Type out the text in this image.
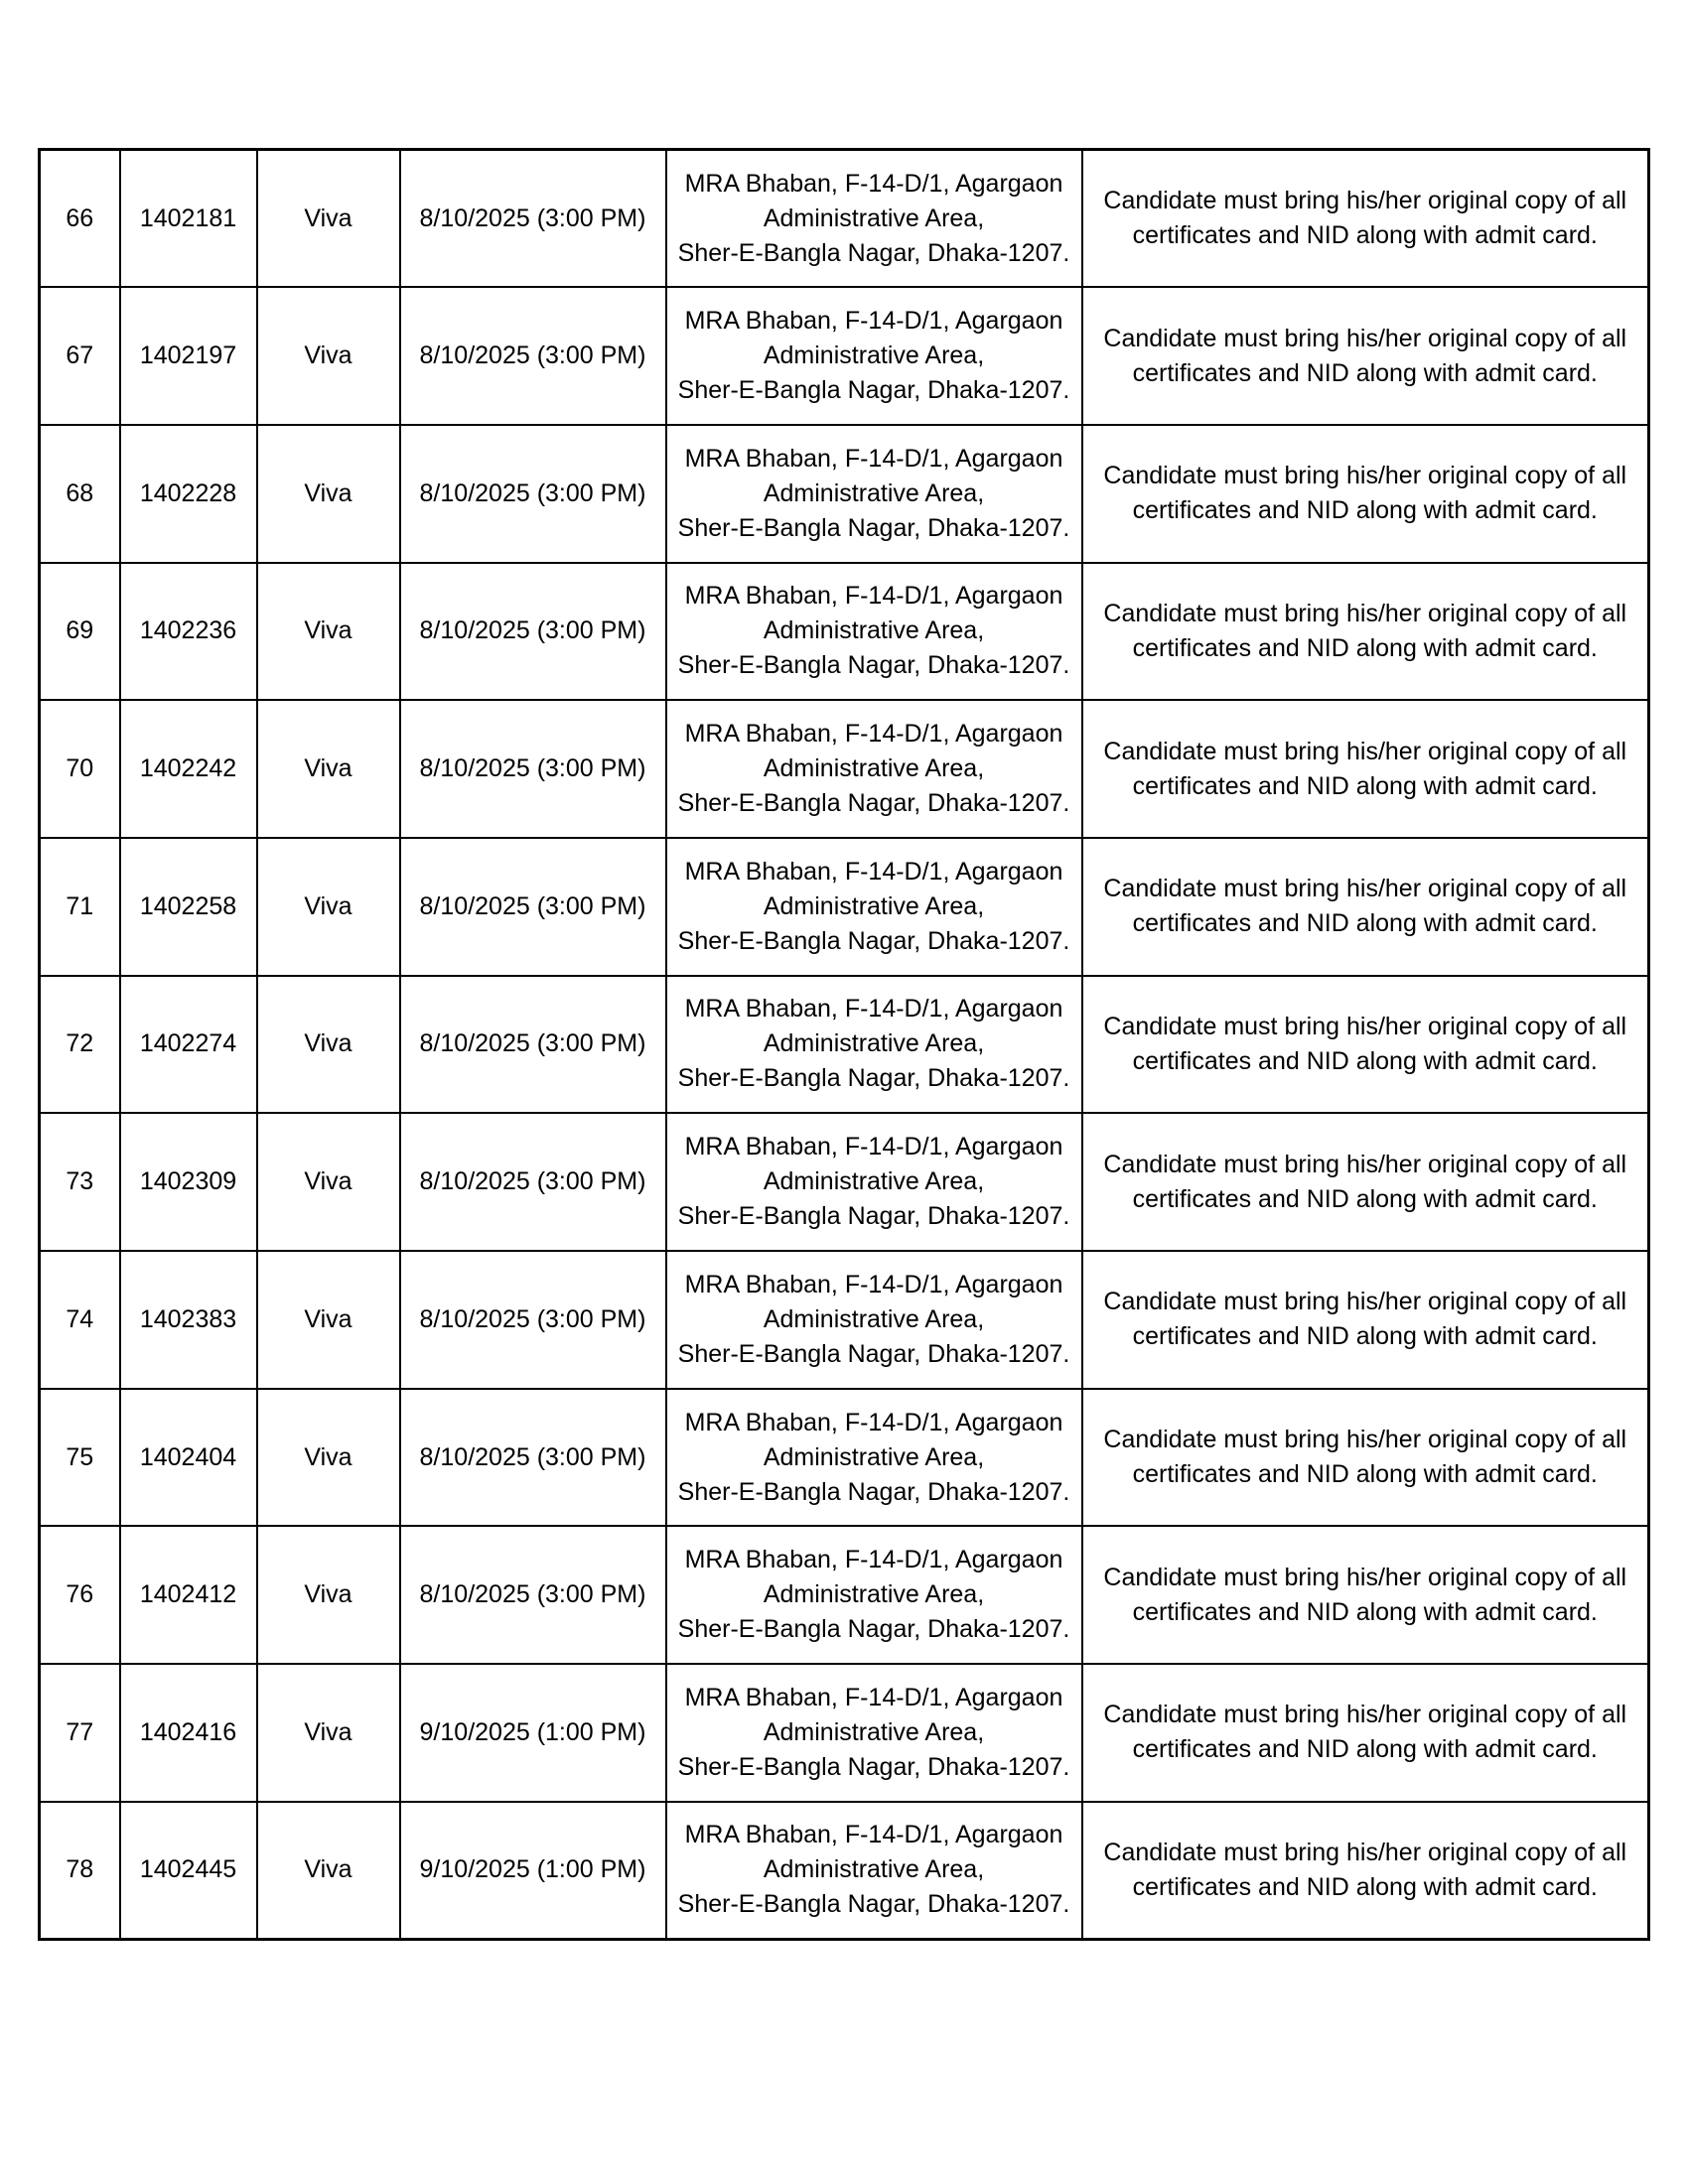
66	1402181	Viva	8/10/2025 (3:00 PM)	MRA Bhaban, F-14-D/1, Agargaon
Administrative Area,
Sher-E-Bangla Nagar, Dhaka-1207.	Candidate must bring his/her original copy of all certificates and NID along with admit card.

67	1402197	Viva	8/10/2025 (3:00 PM)	MRA Bhaban, F-14-D/1, Agargaon
Administrative Area,
Sher-E-Bangla Nagar, Dhaka-1207.	Candidate must bring his/her original copy of all certificates and NID along with admit card.

68	1402228	Viva	8/10/2025 (3:00 PM)	MRA Bhaban, F-14-D/1, Agargaon
Administrative Area,
Sher-E-Bangla Nagar, Dhaka-1207.	Candidate must bring his/her original copy of all certificates and NID along with admit card.

69	1402236	Viva	8/10/2025 (3:00 PM)	MRA Bhaban, F-14-D/1, Agargaon
Administrative Area,
Sher-E-Bangla Nagar, Dhaka-1207.	Candidate must bring his/her original copy of all certificates and NID along with admit card.

70	1402242	Viva	8/10/2025 (3:00 PM)	MRA Bhaban, F-14-D/1, Agargaon
Administrative Area,
Sher-E-Bangla Nagar, Dhaka-1207.	Candidate must bring his/her original copy of all certificates and NID along with admit card.

71	1402258	Viva	8/10/2025 (3:00 PM)	MRA Bhaban, F-14-D/1, Agargaon
Administrative Area,
Sher-E-Bangla Nagar, Dhaka-1207.	Candidate must bring his/her original copy of all certificates and NID along with admit card.

72	1402274	Viva	8/10/2025 (3:00 PM)	MRA Bhaban, F-14-D/1, Agargaon
Administrative Area,
Sher-E-Bangla Nagar, Dhaka-1207.	Candidate must bring his/her original copy of all certificates and NID along with admit card.

73	1402309	Viva	8/10/2025 (3:00 PM)	MRA Bhaban, F-14-D/1, Agargaon
Administrative Area,
Sher-E-Bangla Nagar, Dhaka-1207.	Candidate must bring his/her original copy of all certificates and NID along with admit card.

74	1402383	Viva	8/10/2025 (3:00 PM)	MRA Bhaban, F-14-D/1, Agargaon
Administrative Area,
Sher-E-Bangla Nagar, Dhaka-1207.	Candidate must bring his/her original copy of all certificates and NID along with admit card.

75	1402404	Viva	8/10/2025 (3:00 PM)	MRA Bhaban, F-14-D/1, Agargaon
Administrative Area,
Sher-E-Bangla Nagar, Dhaka-1207.	Candidate must bring his/her original copy of all certificates and NID along with admit card.

76	1402412	Viva	8/10/2025 (3:00 PM)	MRA Bhaban, F-14-D/1, Agargaon
Administrative Area,
Sher-E-Bangla Nagar, Dhaka-1207.	Candidate must bring his/her original copy of all certificates and NID along with admit card.

77	1402416	Viva	9/10/2025 (1:00 PM)	MRA Bhaban, F-14-D/1, Agargaon
Administrative Area,
Sher-E-Bangla Nagar, Dhaka-1207.	Candidate must bring his/her original copy of all certificates and NID along with admit card.

78	1402445	Viva	9/10/2025 (1:00 PM)	MRA Bhaban, F-14-D/1, Agargaon
Administrative Area,
Sher-E-Bangla Nagar, Dhaka-1207.	Candidate must bring his/her original copy of all certificates and NID along with admit card.
